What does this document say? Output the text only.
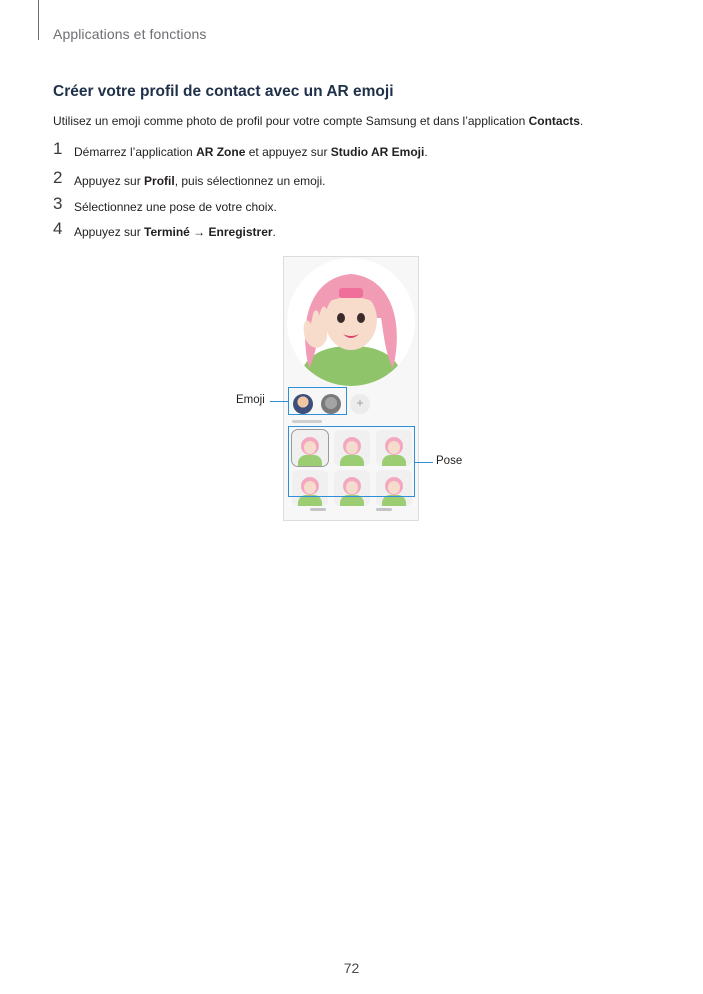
Applications et fonctions
Créer votre profil de contact avec un AR emoji
Utilisez un emoji comme photo de profil pour votre compte Samsung et dans l’application Contacts.
1 Démarrez l’application AR Zone et appuyez sur Studio AR Emoji.
2 Appuyez sur Profil, puis sélectionnez un emoji.
3 Sélectionnez une pose de votre choix.
4 Appuyez sur Terminé → Enregistrer.
+
Emoji
Pose
72
